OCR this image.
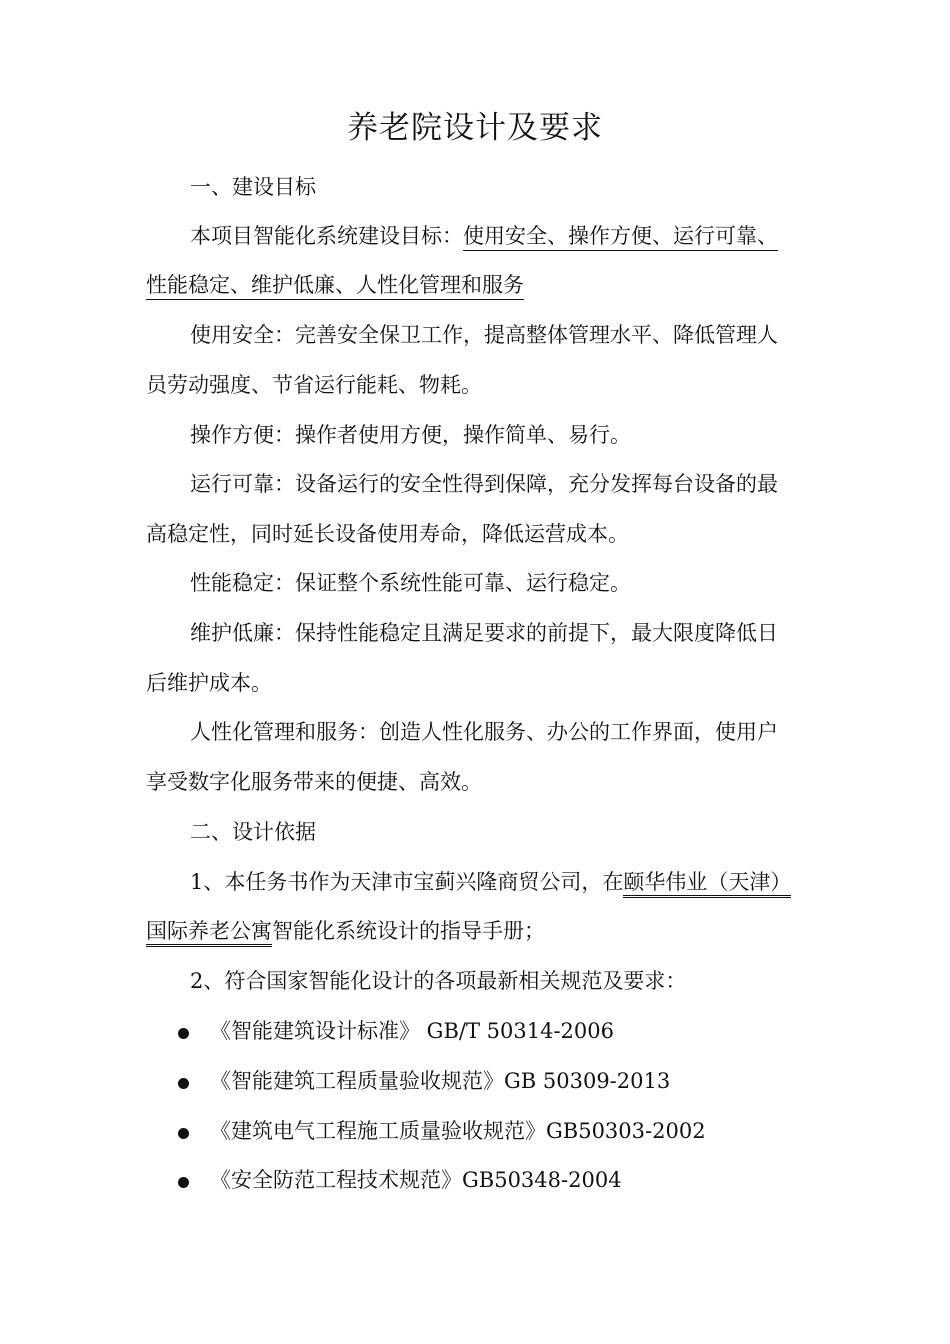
养老院设计及要求
一、建设目标
本项目智能化系统建设目标：使用安全、操作方便、运行可靠、
性能稳定、维护低廉、人性化管理和服务
使用安全：完善安全保卫工作，提高整体管理水平、降低管理人
员劳动强度、节省运行能耗、物耗。
操作方便：操作者使用方便，操作简单、易行。
运行可靠：设备运行的安全性得到保障，充分发挥每台设备的最
高稳定性，同时延长设备使用寿命，降低运营成本。
性能稳定：保证整个系统性能可靠、运行稳定。
维护低廉：保持性能稳定且满足要求的前提下，最大限度降低日
后维护成本。
人性化管理和服务：创造人性化服务、办公的工作界面，使用户
享受数字化服务带来的便捷、高效。
二、设计依据
1、本任务书作为天津市宝蓟兴隆商贸公司，在颐华伟业（天津）
国际养老公寓智能化系统设计的指导手册；
2、符合国家智能化设计的各项最新相关规范及要求：
《智能建筑设计标准》 GB/T 50314-2006
《智能建筑工程质量验收规范》GB 50309-2013
《建筑电气工程施工质量验收规范》GB50303-2002
《安全防范工程技术规范》GB50348-2004
